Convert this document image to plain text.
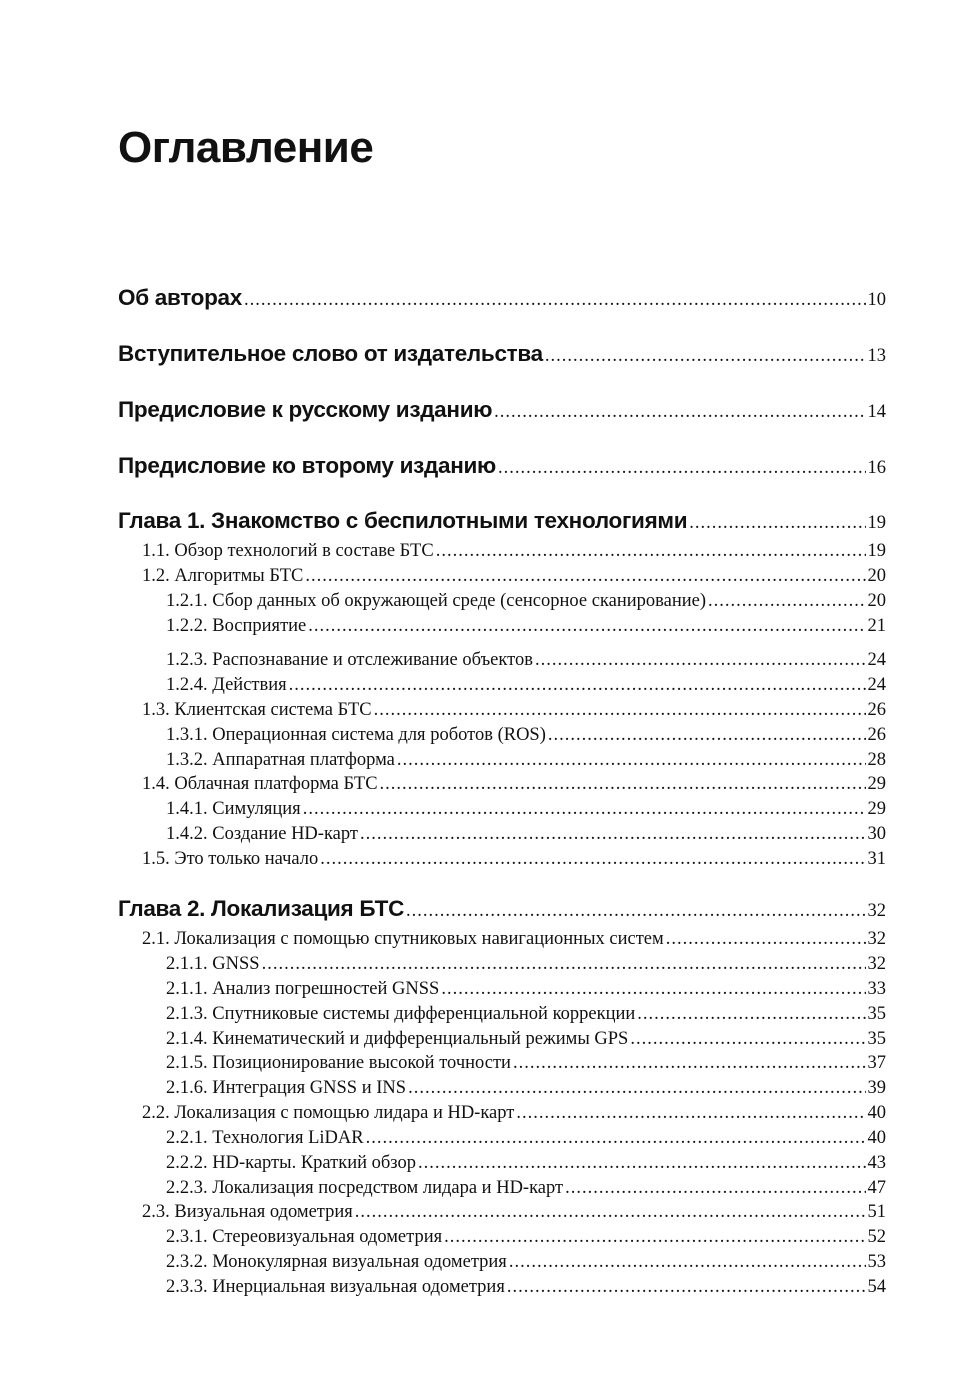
Оглавление
Об авторах .....	10
Вступительное слово от издательства .....	13
Предисловие к русскому изданию .....	14
Предисловие ко второму изданию .....	16
Глава 1. Знакомство с беспилотными технологиями .....	19
1.1. Обзор технологий в составе БТС .....	19
1.2. Алгоритмы БТС .....	20
1.2.1. Сбор данных об окружающей среде (сенсорное сканирование) .....	20
1.2.2. Восприятие .....	21
1.2.3. Распознавание и отслеживание объектов .....	24
1.2.4. Действия .....	24
1.3. Клиентская система БТС .....	26
1.3.1. Операционная система для роботов (ROS) .....	26
1.3.2. Аппаратная платформа .....	28
1.4. Облачная платформа БТС .....	29
1.4.1. Симуляция .....	29
1.4.2. Создание HD-карт .....	30
1.5. Это только начало .....	31
Глава 2. Локализация БТС .....	32
2.1. Локализация с помощью спутниковых навигационных систем .....	32
2.1.1. GNSS .....	32
2.1.1. Анализ погрешностей GNSS .....	33
2.1.3. Спутниковые системы дифференциальной коррекции .....	35
2.1.4. Кинематический и дифференциальный режимы GPS .....	35
2.1.5. Позиционирование высокой точности .....	37
2.1.6. Интеграция GNSS и INS .....	39
2.2. Локализация с помощью лидара и HD-карт .....	40
2.2.1. Технология LiDAR .....	40
2.2.2. HD-карты. Краткий обзор .....	43
2.2.3. Локализация посредством лидара и HD-карт .....	47
2.3. Визуальная одометрия .....	51
2.3.1. Стереовизуальная одометрия .....	52
2.3.2. Монокулярная визуальная одометрия .....	53
2.3.3. Инерциальная визуальная одометрия .....	54
